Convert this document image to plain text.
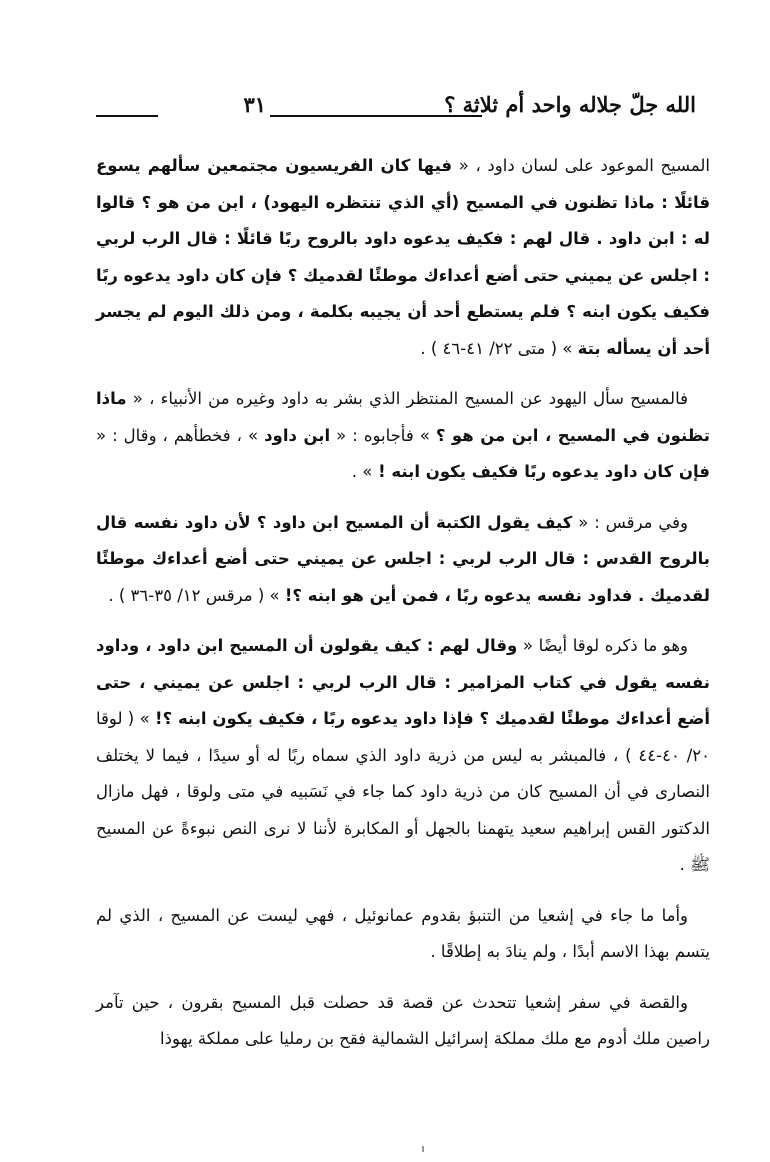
الله جلّ جلاله واحد أم ثلاثة ؟
٣١

المسيح الموعود على لسان داود ، « فيها كان الفريسيون مجتمعين سألهم يسوع قائلًا : ماذا تظنون في المسيح (أي الذي تنتظره اليهود) ، ابن من هو ؟ قالوا له : ابن داود . قال لهم : فكيف يدعوه داود بالروح ربًا قائلًا : قال الرب لربي : اجلس عن يميني حتى أضع أعداءك موطئًا لقدميك ؟ فإن كان داود يدعوه ربًا فكيف يكون ابنه ؟ فلم يستطع أحد أن يجيبه بكلمة ، ومن ذلك اليوم لم يجسر أحد أن يسأله بتة » ( متى ٢٢/ ٤١-٤٦ ) .

فالمسيح سأل اليهود عن المسيح المنتظر الذي بشر به داود وغيره من الأنبياء ، « ماذا تظنون في المسيح ، ابن من هو ؟ » فأجابوه : « ابن داود » ، فخطأهم ، وقال : « فإن كان داود يدعوه ربًا فكيف يكون ابنه ! » .

وفي مرقس : « كيف يقول الكتبة أن المسيح ابن داود ؟ لأن داود نفسه قال بالروح القدس : قال الرب لربي : اجلس عن يميني حتى أضع أعداءك موطئًا لقدميك . فداود نفسه يدعوه ربًا ، فمن أين هو ابنه ؟! » ( مرقس ١٢/ ٣٥-٣٦ ) .

وهو ما ذكره لوقا أيضًا « وقال لهم : كيف يقولون أن المسيح ابن داود ، وداود نفسه يقول في كتاب المزامير : قال الرب لربي : اجلس عن يميني ، حتى أضع أعداءك موطئًا لقدميك ؟ فإذا داود يدعوه ربًا ، فكيف يكون ابنه ؟! » ( لوقا ٢٠/ ٤٠-٤٤ ) ، فالمبشر به ليس من ذرية داود الذي سماه ربًا له أو سيدًا ، فيما لا يختلف النصارى في أن المسيح كان من ذرية داود كما جاء في نَسَبيه في متى ولوقا ، فهل مازال الدكتور القس إبراهيم سعيد يتهمنا بالجهل أو المكابرة لأننا لا نرى النص نبوءةً عن المسيح ﷺ .

وأما ما جاء في إشعيا من التنبؤ بقدوم عمانوئيل ، فهي ليست عن المسيح ، الذي لم يتسم بهذا الاسم أبدًا ، ولم ينادَ به إطلاقًا .

والقصة في سفر إشعيا تتحدث عن قصة قد حصلت قبل المسيح بقرون ، حين تآمر راصين ملك أدوم مع ملك مملكة إسرائيل الشمالية فقح بن رمليا على مملكة يهوذا
